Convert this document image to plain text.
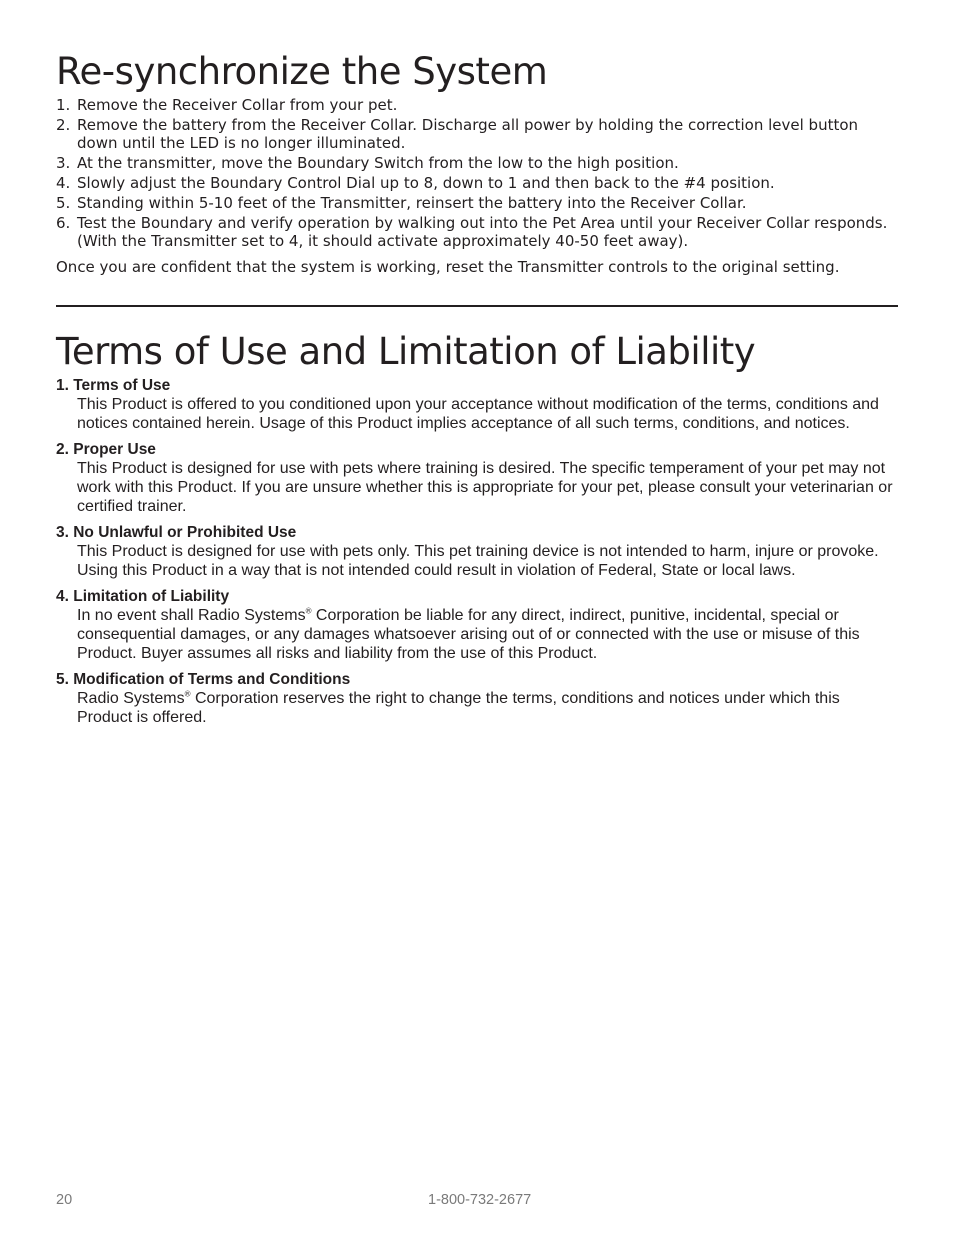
Re-synchronize the System
1. Remove the Receiver Collar from your pet.
2. Remove the battery from the Receiver Collar. Discharge all power by holding the correction level button down until the LED is no longer illuminated.
3. At the transmitter, move the Boundary Switch from the low to the high position.
4. Slowly adjust the Boundary Control Dial up to 8, down to 1 and then back to the #4 position.
5. Standing within 5-10 feet of the Transmitter, reinsert the battery into the Receiver Collar.
6. Test the Boundary and verify operation by walking out into the Pet Area until your Receiver Collar responds. (With the Transmitter set to 4, it should activate approximately 40-50 feet away).

Once you are confident that the system is working, reset the Transmitter controls to the original setting.

Terms of Use and Limitation of Liability
1. Terms of Use
This Product is offered to you conditioned upon your acceptance without modification of the terms, conditions and notices contained herein. Usage of this Product implies acceptance of all such terms, conditions, and notices.
2. Proper Use
This Product is designed for use with pets where training is desired. The specific temperament of your pet may not work with this Product. If you are unsure whether this is appropriate for your pet, please consult your veterinarian or certified trainer.
3. No Unlawful or Prohibited Use
This Product is designed for use with pets only. This pet training device is not intended to harm, injure or provoke. Using this Product in a way that is not intended could result in violation of Federal, State or local laws.
4. Limitation of Liability
In no event shall Radio Systems® Corporation be liable for any direct, indirect, punitive, incidental, special or consequential damages, or any damages whatsoever arising out of or connected with the use or misuse of this Product. Buyer assumes all risks and liability from the use of this Product.
5. Modification of Terms and Conditions
Radio Systems® Corporation reserves the right to change the terms, conditions and notices under which this Product is offered.
20	1-800-732-2677
